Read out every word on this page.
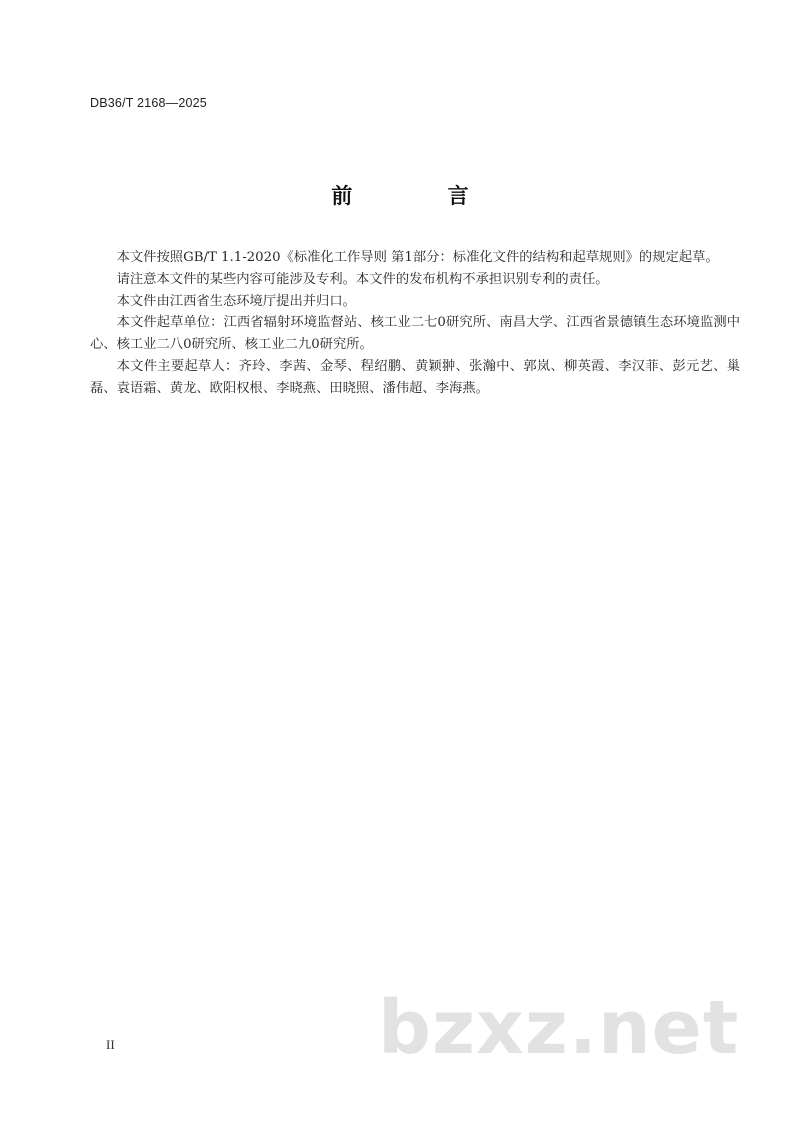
DB36/T 2168—2025
前 言

本文件按照GB/T 1.1-2020《标准化工作导则 第1部分：标准化文件的结构和起草规则》的规定起草。

请注意本文件的某些内容可能涉及专利。本文件的发布机构不承担识别专利的责任。

本文件由江西省生态环境厅提出并归口。

本文件起草单位：江西省辐射环境监督站、核工业二七0研究所、南昌大学、江西省景德镇生态环境监测中心、核工业二八0研究所、核工业二九0研究所。

本文件主要起草人：齐玲、李茜、金琴、程绍鹏、黄颖翀、张瀚中、郭岚、柳英霞、李汉菲、彭元艺、巢磊、袁语霜、黄龙、欧阳权根、李晓燕、田晓照、潘伟超、李海燕。

II	bzxz.net
